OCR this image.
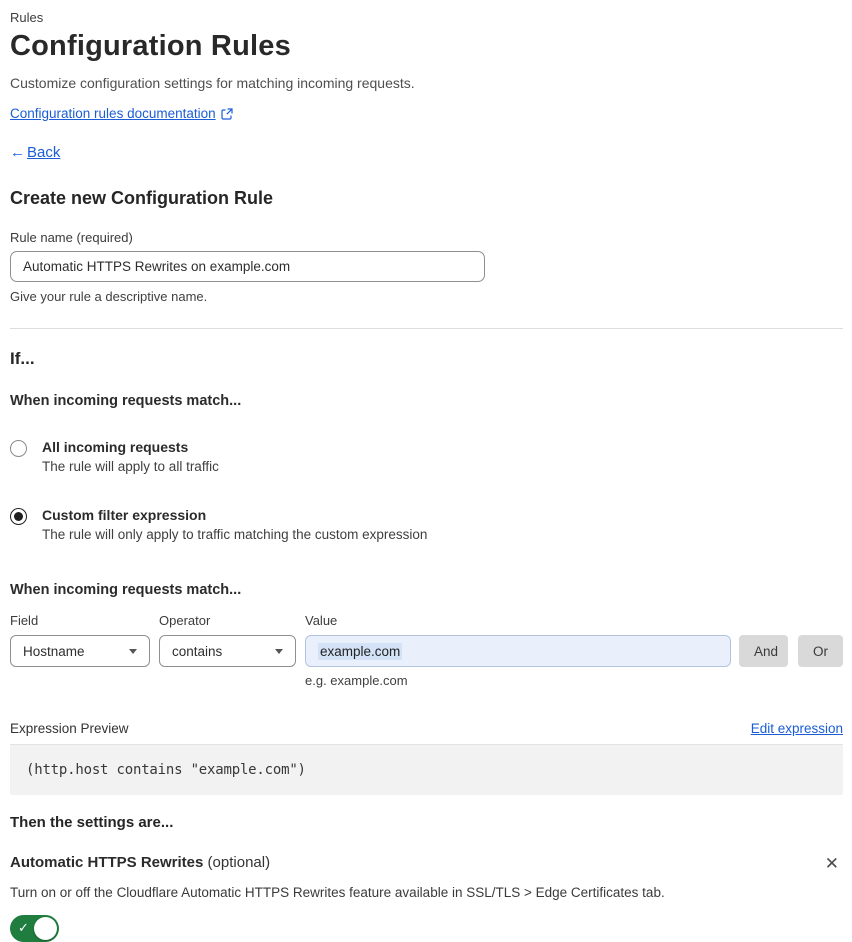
Rules
Configuration Rules
Customize configuration settings for matching incoming requests.
Configuration rules documentation
← Back
Create new Configuration Rule
Rule name (required)
Automatic HTTPS Rewrites on example.com
Give your rule a descriptive name.
If...
When incoming requests match...
All incoming requests
The rule will apply to all traffic
Custom filter expression
The rule will only apply to traffic matching the custom expression
When incoming requests match...
Field
Hostname
Operator
contains
Value
example.com	And	Or
e.g. example.com
Expression Preview	Edit expression
(http.host contains "example.com")
Then the settings are...
Automatic HTTPS Rewrites (optional)	✕
Turn on or off the Cloudflare Automatic HTTPS Rewrites feature available in SSL/TLS > Edge Certificates tab.
✓
